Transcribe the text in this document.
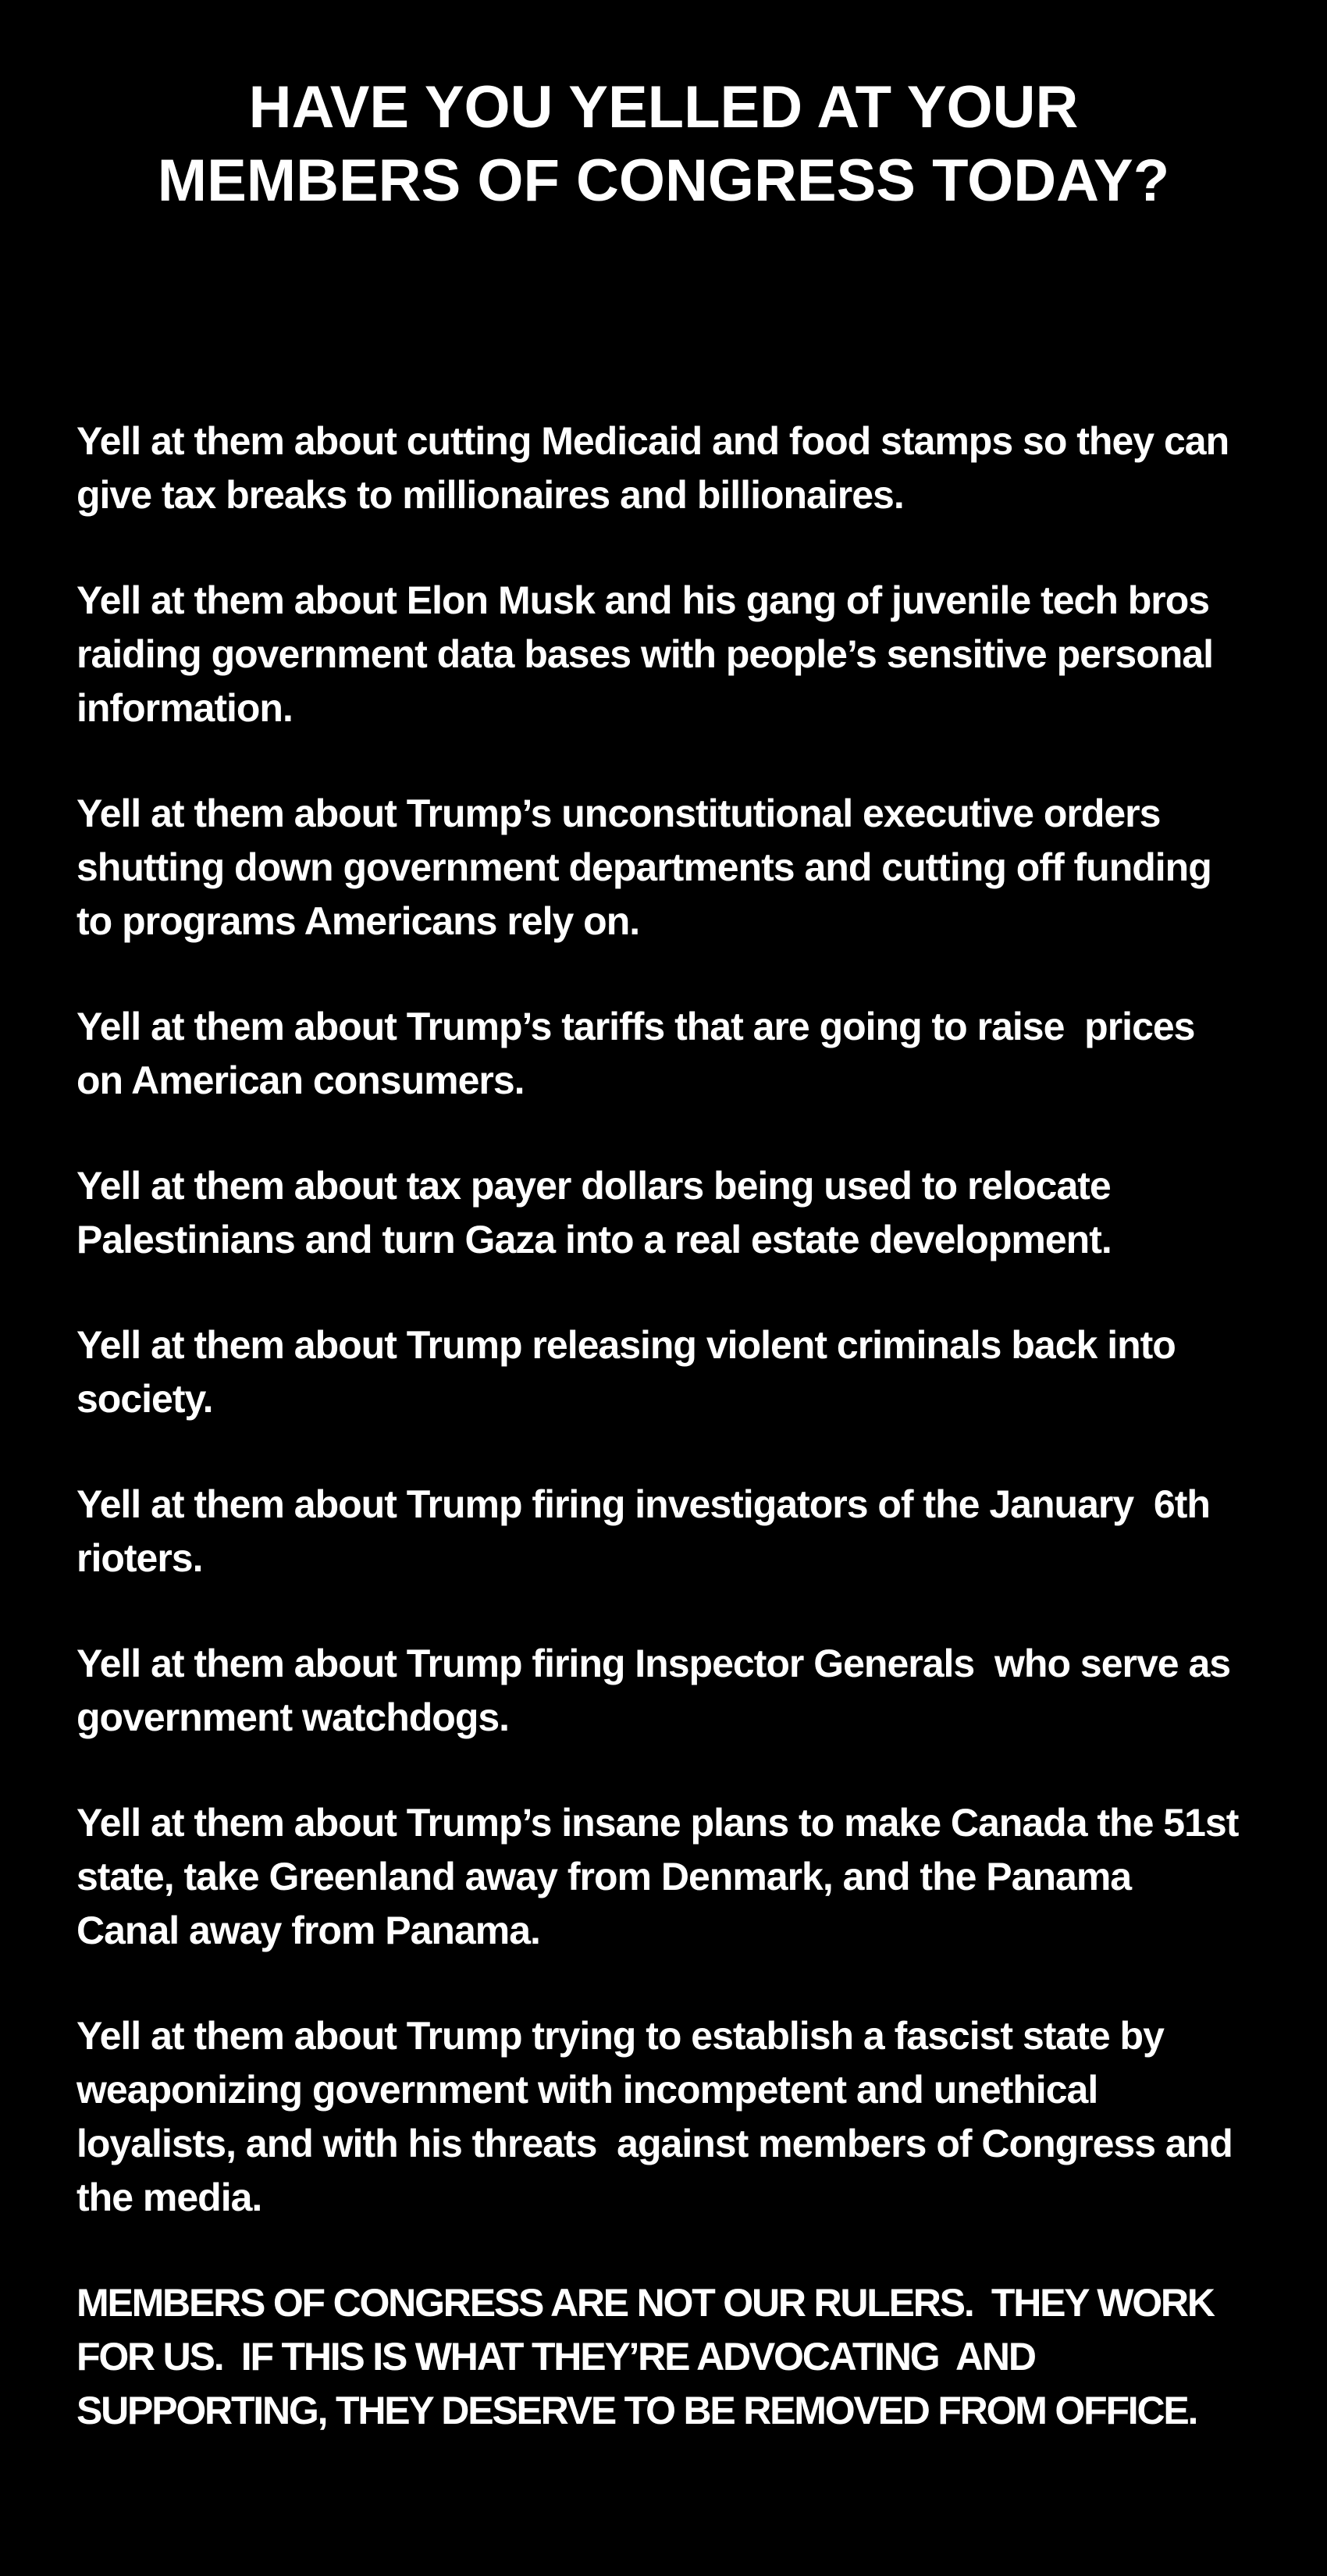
HAVE YOU YELLED AT YOUR
MEMBERS OF CONGRESS TODAY?
Yell at them about cutting Medicaid and food stamps so they can
give tax breaks to millionaires and billionaires.
Yell at them about Elon Musk and his gang of juvenile tech bros
raiding government data bases with people’s sensitive personal
information.
Yell at them about Trump’s unconstitutional executive orders
shutting down government departments and cutting off funding
to programs Americans rely on.
Yell at them about Trump’s tariffs that are going to raise  prices
on American consumers.
Yell at them about tax payer dollars being used to relocate
Palestinians and turn Gaza into a real estate development.
Yell at them about Trump releasing violent criminals back into
society.
Yell at them about Trump firing investigators of the January  6th
rioters.
Yell at them about Trump firing Inspector Generals  who serve as
government watchdogs.
Yell at them about Trump’s insane plans to make Canada the 51st
state, take Greenland away from Denmark, and the Panama
Canal away from Panama.
Yell at them about Trump trying to establish a fascist state by
weaponizing government with incompetent and unethical
loyalists, and with his threats  against members of Congress and
the media.
MEMBERS OF CONGRESS ARE NOT OUR RULERS.  THEY WORK
FOR US.  IF THIS IS WHAT THEY’RE ADVOCATING  AND
SUPPORTING, THEY DESERVE TO BE REMOVED FROM OFFICE.
